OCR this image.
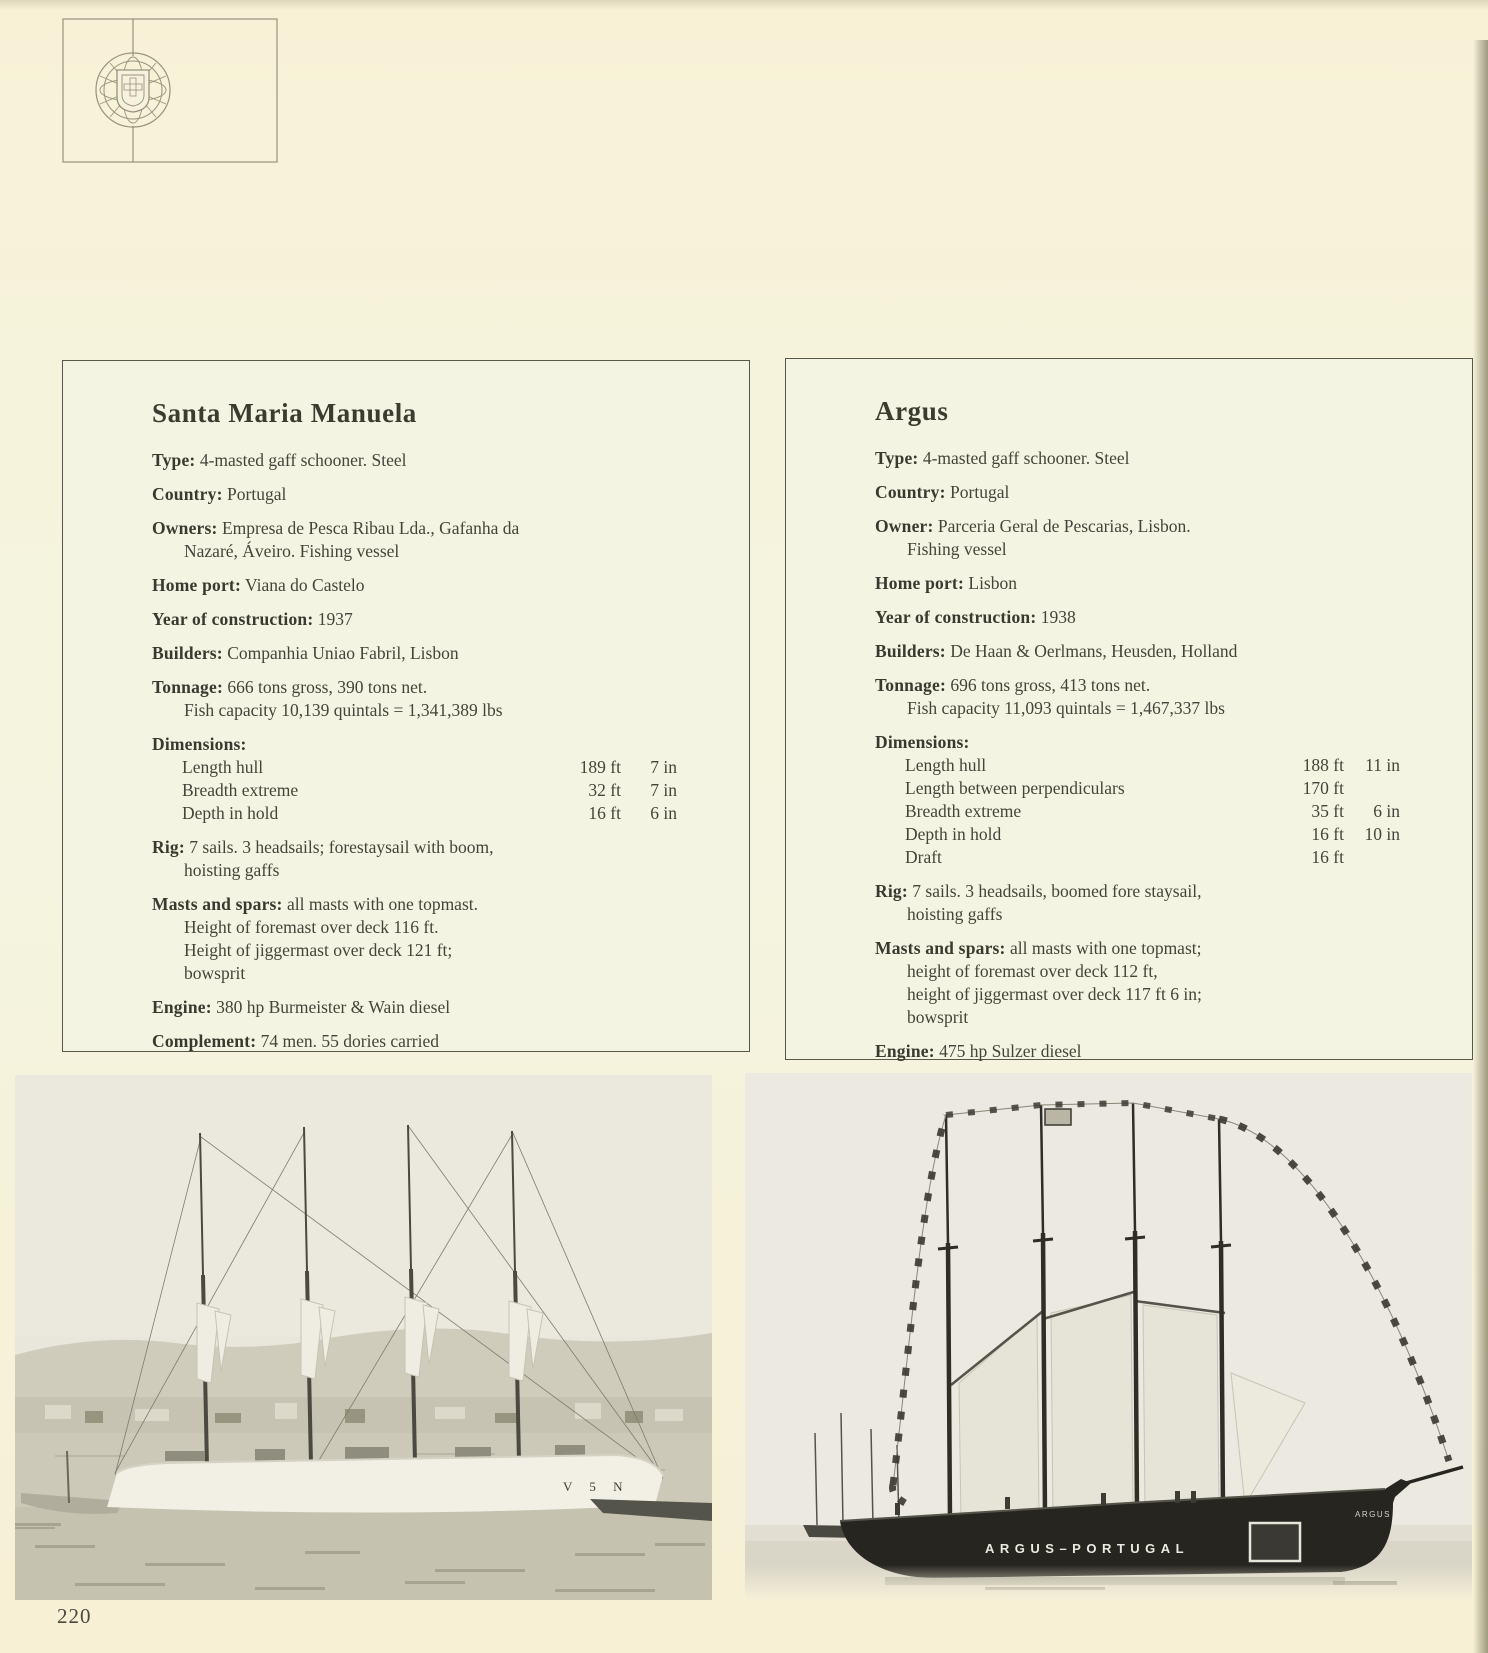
Santa Maria Manuela
Type: 4-masted gaff schooner. Steel
Country: Portugal
Owners: Empresa de Pesca Ribau Lda., Gafanha da
Nazaré, Áveiro. Fishing vessel
Home port: Viana do Castelo
Year of construction: 1937
Builders: Companhia Uniao Fabril, Lisbon
Tonnage: 666 tons gross, 390 tons net.
Fish capacity 10,139 quintals = 1,341,389 lbs
Dimensions:
Length hull	189 ft	7 in
Breadth extreme	32 ft	7 in
Depth in hold	16 ft	6 in
Rig: 7 sails. 3 headsails; forestaysail with boom,
hoisting gaffs
Masts and spars: all masts with one topmast.
Height of foremast over deck 116 ft.
Height of jiggermast over deck 121 ft;
bowsprit
Engine: 380 hp Burmeister & Wain diesel
Complement: 74 men. 55 dories carried
Argus
Type: 4-masted gaff schooner. Steel
Country: Portugal
Owner: Parceria Geral de Pescarias, Lisbon.
Fishing vessel
Home port: Lisbon
Year of construction: 1938
Builders: De Haan & Oerlmans, Heusden, Holland
Tonnage: 696 tons gross, 413 tons net.
Fish capacity 11,093 quintals = 1,467,337 lbs
Dimensions:
Length hull	188 ft	11 in
Length between perpendiculars	170 ft
Breadth extreme	35 ft	6 in
Depth in hold	16 ft	10 in
Draft	16 ft
Rig: 7 sails. 3 headsails, boomed fore staysail,
hoisting gaffs
Masts and spars: all masts with one topmast;
height of foremast over deck 112 ft,
height of jiggermast over deck 117 ft 6 in;
bowsprit
Engine: 475 hp Sulzer diesel
V 5 N
ARGUS–PORTUGAL
ARGUS
220
